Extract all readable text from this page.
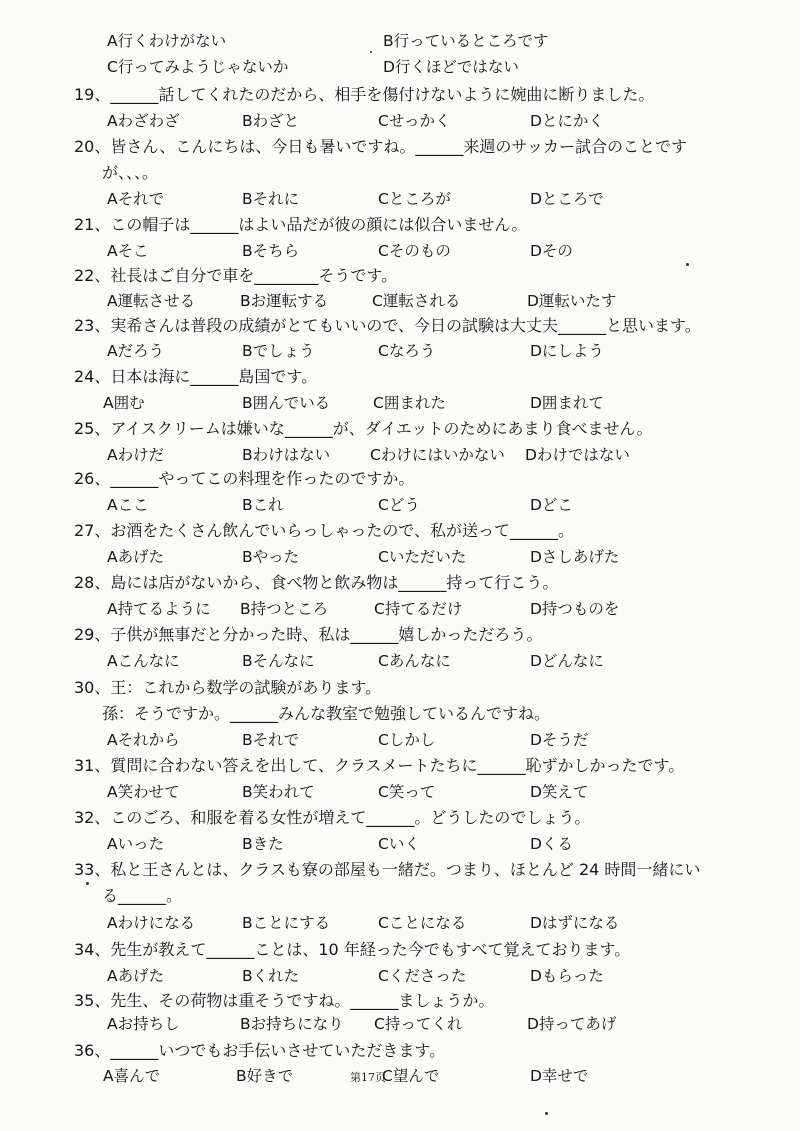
A行くわけがない	B行っているところです
C行ってみようじゃないか	D行くほどではない
19、______話してくれたのだから、相手を傷付けないように婉曲に断りました。
Aわざわざ	Bわざと	Cせっかく	Dとにかく
20、皆さん、こんにちは、今日も暑いですね。______来週のサッカー試合のことです
が、、、。
Aそれで	Bそれに	Cところが	Dところで
21、この帽子は______はよい品だが彼の顔には似合いません。
Aそこ	Bそちら	Cそのもの	Dその
22、社長はご自分で車を________そうです。
A運転させる	Bお運転する	C運転される	D運転いたす
23、実希さんは普段の成績がとてもいいので、今日の試験は大丈夫______と思います。
Aだろう	Bでしょう	Cなろう	Dにしよう
24、日本は海に______島国です。
A囲む	B囲んでいる	C囲まれた	D囲まれて
25、アイスクリームは嫌いな______が、ダイエットのためにあまり食べません。
Aわけだ	Bわけはない	Cわけにはいかない Dわけではない
26、______やってこの料理を作ったのですか。
Aここ	Bこれ	Cどう	Dどこ
27、お酒をたくさん飲んでいらっしゃったので、私が送って______。
Aあげた	Bやった	Cいただいた	Dさしあげた
28、島には店がないから、食べ物と飲み物は______持って行こう。
A持てるように B持つところ	C持てるだけ	D持つものを
29、子供が無事だと分かった時、私は______嬉しかっただろう。
Aこんなに	Bそんなに	Cあんなに	Dどんなに
30、王：これから数学の試験があります。
孫：そうですか。______みんな教室で勉強しているんですね。
Aそれから	Bそれで	Cしかし	Dそうだ
31、質問に合わない答えを出して、クラスメートたちに______恥ずかしかったです。
A笑わせて	B笑われて	C笑って	D笑えて
32、このごろ、和服を着る女性が増えて______。どうしたのでしょう。
Aいった	Bきた	Cいく	Dくる
33、私と王さんとは、クラスも寮の部屋も一緒だ。つまり、ほとんど 24 時間一緒にい
る______。
Aわけになる	Bことにする	Cことになる	Dはずになる
34、先生が教えて______ことは、10 年経った今でもすべて覚えております。
Aあげた	Bくれた	Cくださった	Dもらった
35、先生、その荷物は重そうですね。______ましょうか。
Aお持ちし	Bお持ちになり C持ってくれ	D持ってあげ
36、______いつでもお手伝いさせていただきます。
A喜んで	B好きで	C望んで	D幸せで
第17页
